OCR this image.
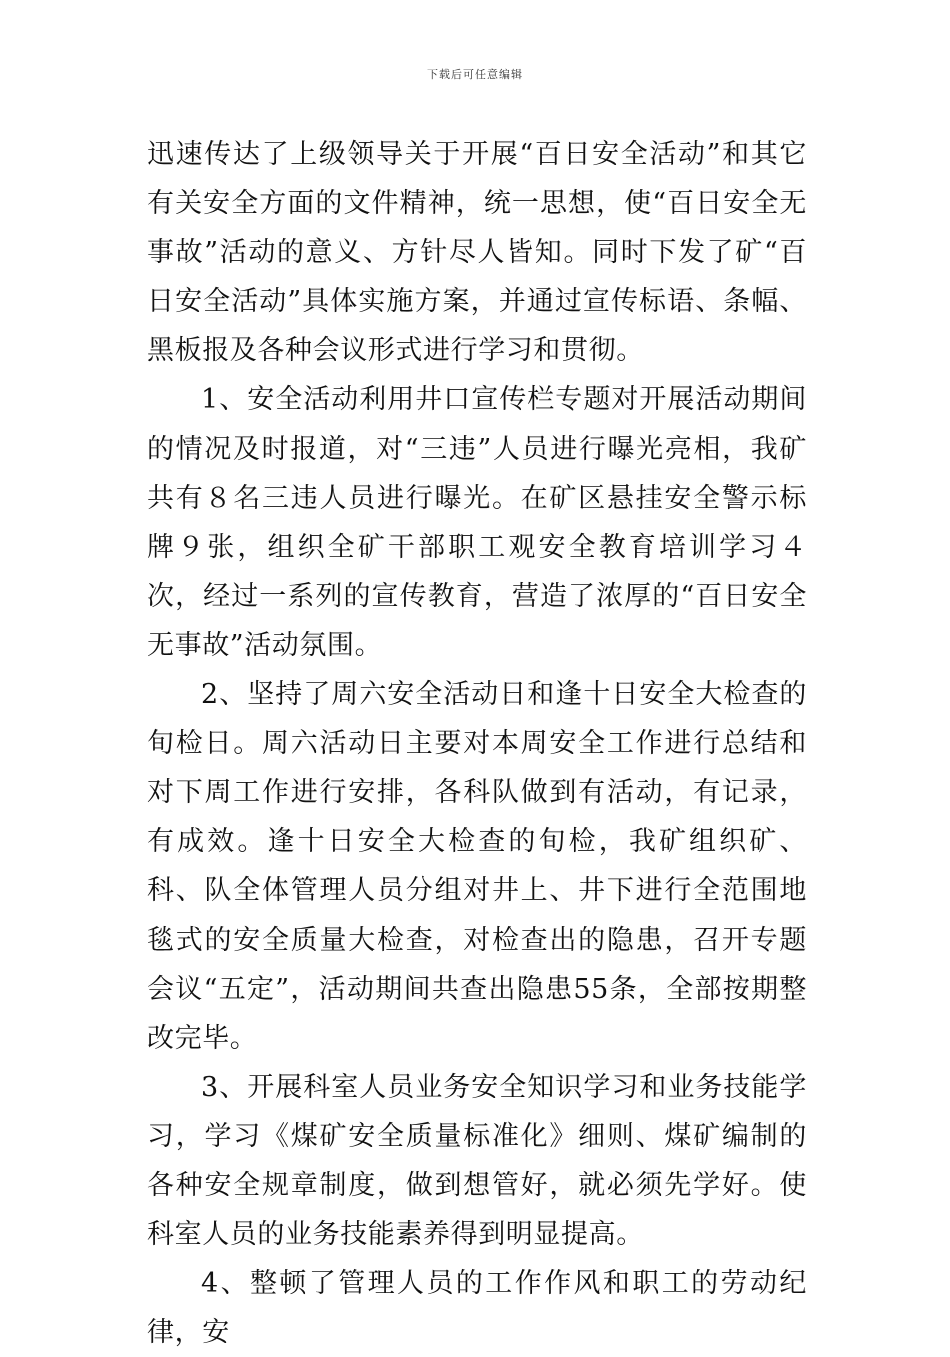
下载后可任意编辑

迅速传达了上级领导关于开展“百日安全活动”和其它有关安全方面的文件精神，统一思想，使“百日安全无事故”活动的意义、方针尽人皆知。同时下发了矿“百日安全活动”具体实施方案，并通过宣传标语、条幅、黑板报及各种会议形式进行学习和贯彻。

1、安全活动利用井口宣传栏专题对开展活动期间的情况及时报道，对“三违”人员进行曝光亮相，我矿共有８名三违人员进行曝光。在矿区悬挂安全警示标牌９张，组织全矿干部职工观安全教育培训学习４次，经过一系列的宣传教育，营造了浓厚的“百日安全无事故”活动氛围。

2、坚持了周六安全活动日和逢十日安全大检查的旬检日。周六活动日主要对本周安全工作进行总结和对下周工作进行安排，各科队做到有活动，有记录，有成效。逢十日安全大检查的旬检，我矿组织矿、科、队全体管理人员分组对井上、井下进行全范围地毯式的安全质量大检查，对检查出的隐患，召开专题会议“五定”，活动期间共查出隐患55条，全部按期整改完毕。

3、开展科室人员业务安全知识学习和业务技能学习，学习《煤矿安全质量标准化》细则、煤矿编制的各种安全规章制度，做到想管好，就必须先学好。使科室人员的业务技能素养得到明显提高。

4、整顿了管理人员的工作作风和职工的劳动纪律，安
